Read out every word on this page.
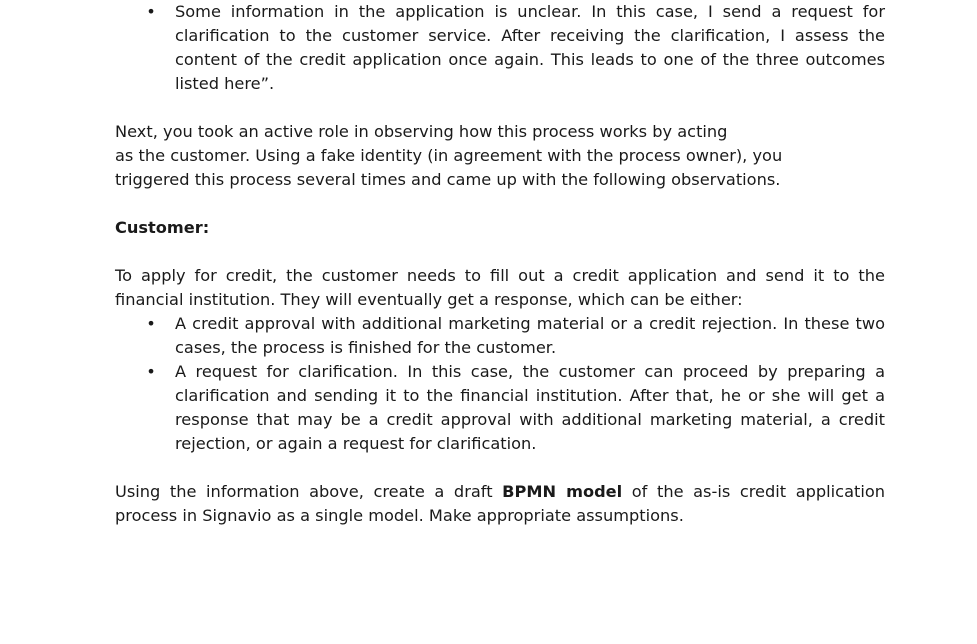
• Some information in the application is unclear. In this case, I send a request for clarification to the customer service. After receiving the clarification, I assess the content of the credit application once again. This leads to one of the three outcomes listed here”.
Next, you took an active role in observing how this process works by acting
as the customer. Using a fake identity (in agreement with the process owner), you
triggered this process several times and came up with the following observations.

Customer:

To apply for credit, the customer needs to fill out a credit application and send it to the financial institution. They will eventually get a response, which can be either:

• A credit approval with additional marketing material or a credit rejection. In these two cases, the process is finished for the customer.
• A request for clarification. In this case, the customer can proceed by preparing a clarification and sending it to the financial institution. After that, he or she will get a response that may be a credit approval with additional marketing material, a credit rejection, or again a request for clarification.

Using the information above, create a draft BPMN model of the as-is credit application process in Signavio as a single model. Make appropriate assumptions.
